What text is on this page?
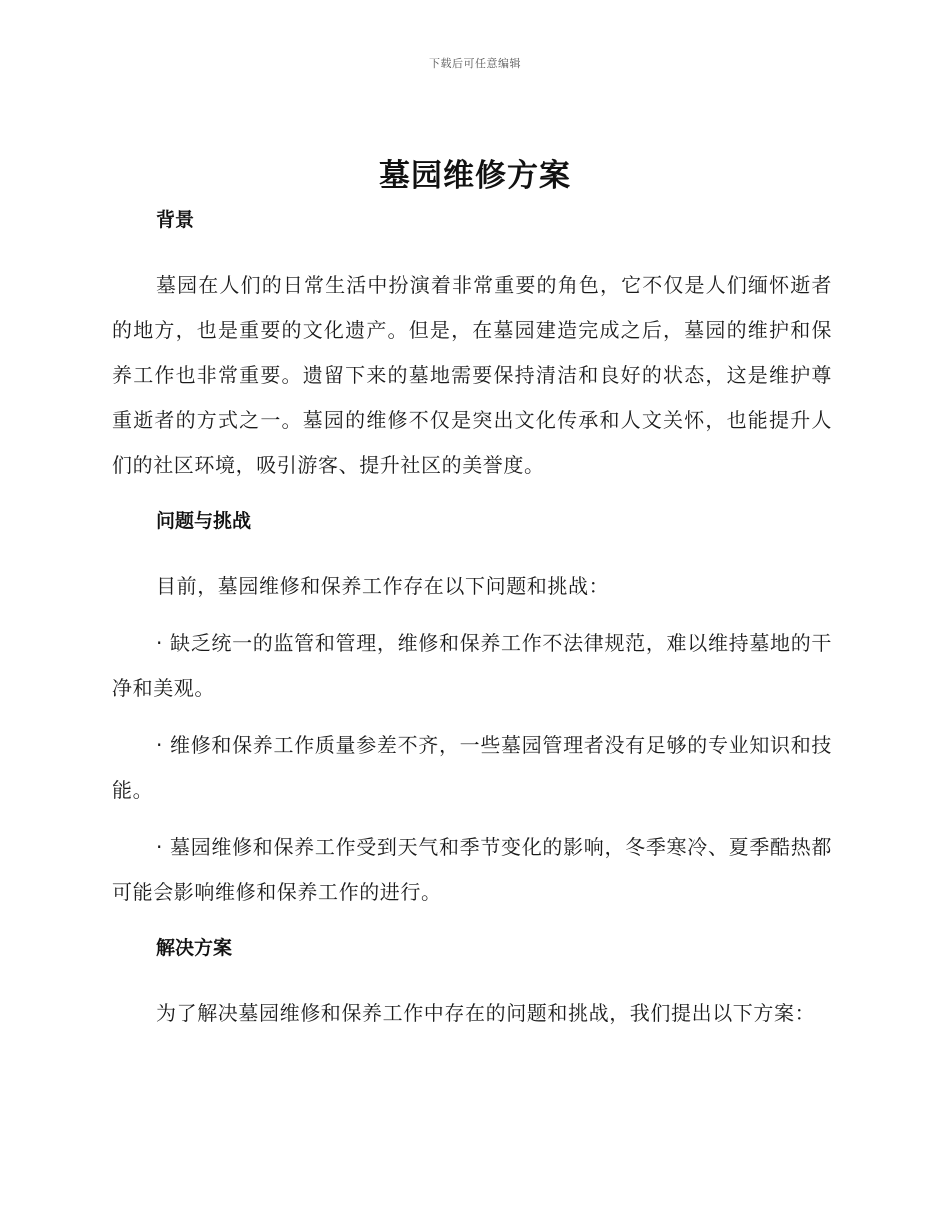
下载后可任意编辑
墓园维修方案

背景

墓园在人们的日常生活中扮演着非常重要的角色，它不仅是人们缅怀逝者的地方，也是重要的文化遗产。但是，在墓园建造完成之后，墓园的维护和保养工作也非常重要。遗留下来的墓地需要保持清洁和良好的状态，这是维护尊重逝者的方式之一。墓园的维修不仅是突出文化传承和人文关怀，也能提升人们的社区环境，吸引游客、提升社区的美誉度。

问题与挑战

目前，墓园维修和保养工作存在以下问题和挑战：

· 缺乏统一的监管和管理，维修和保养工作不法律规范，难以维持墓地的干净和美观。

· 维修和保养工作质量参差不齐，一些墓园管理者没有足够的专业知识和技能。

· 墓园维修和保养工作受到天气和季节变化的影响，冬季寒冷、夏季酷热都可能会影响维修和保养工作的进行。

解决方案

为了解决墓园维修和保养工作中存在的问题和挑战，我们提出以下方案：
